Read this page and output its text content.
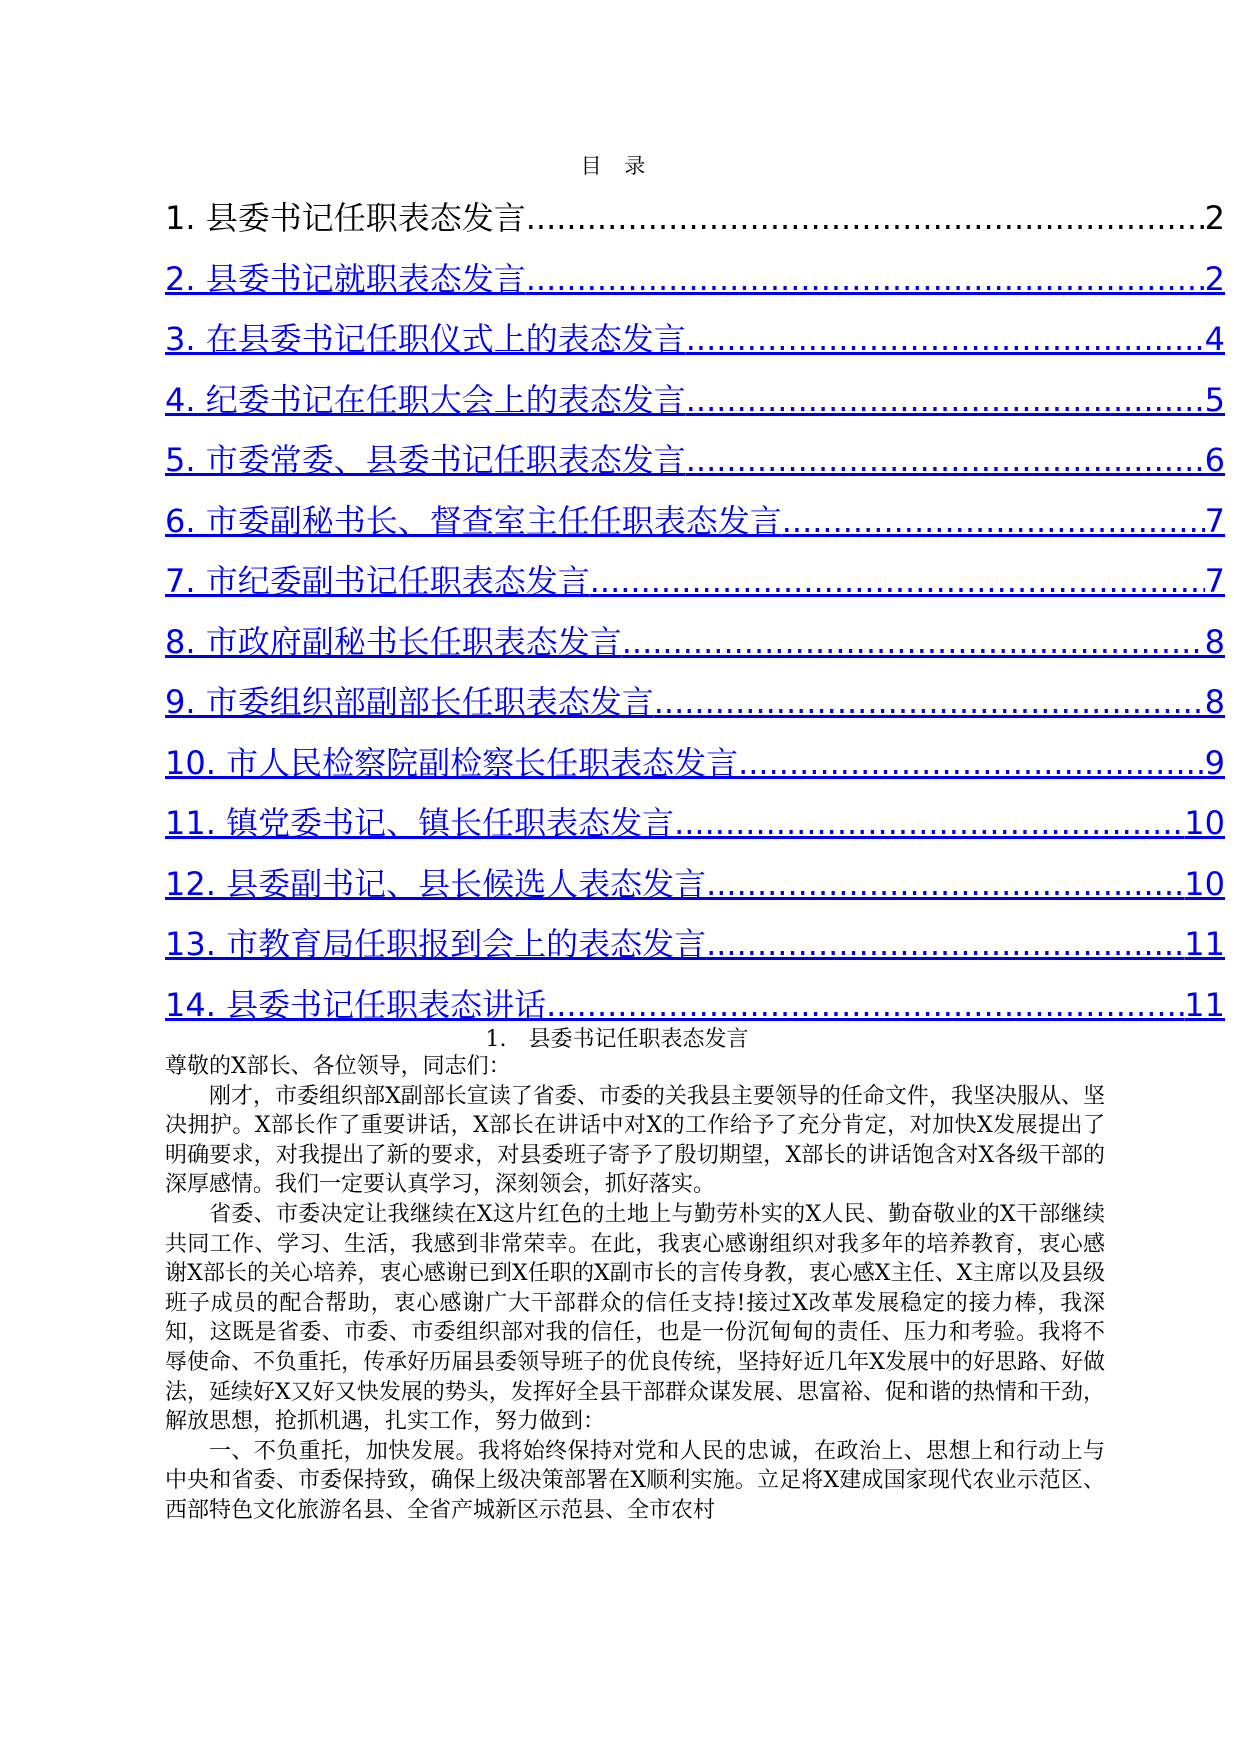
目 录
1. 县委书记任职表态发言 .....	2
2. 县委书记就职表态发言 .....	2
3. 在县委书记任职仪式上的表态发言 .....	4
4. 纪委书记在任职大会上的表态发言 .....	5
5. 市委常委、县委书记任职表态发言 .....	6
6. 市委副秘书长、督查室主任任职表态发言 .....	7
7. 市纪委副书记任职表态发言 .....	7
8. 市政府副秘书长任职表态发言 .....	8
9. 市委组织部副部长任职表态发言 .....	8
10. 市人民检察院副检察长任职表态发言 .....	9
11. 镇党委书记、镇长任职表态发言 .....	10
12. 县委副书记、县长候选人表态发言 .....	10
13. 市教育局任职报到会上的表态发言 .....	11
14. 县委书记任职表态讲话 .....	11
1. 县委书记任职表态发言

尊敬的X部长、各位领导，同志们：

刚才，市委组织部X副部长宣读了省委、市委的关我县主要领导的任命文件，我坚决服从、坚决拥护。X部长作了重要讲话，X部长在讲话中对X的工作给予了充分肯定，对加快X发展提出了明确要求，对我提出了新的要求，对县委班子寄予了殷切期望，X部长的讲话饱含对X各级干部的深厚感情。我们一定要认真学习，深刻领会，抓好落实。

省委、市委决定让我继续在X这片红色的土地上与勤劳朴实的X人民、勤奋敬业的X干部继续共同工作、学习、生活，我感到非常荣幸。在此，我衷心感谢组织对我多年的培养教育，衷心感谢X部长的关心培养，衷心感谢已到X任职的X副市长的言传身教，衷心感X主任、X主席以及县级班子成员的配合帮助，衷心感谢广大干部群众的信任支持!接过X改革发展稳定的接力棒，我深知，这既是省委、市委、市委组织部对我的信任，也是一份沉甸甸的责任、压力和考验。我将不辱使命、不负重托，传承好历届县委领导班子的优良传统，坚持好近几年X发展中的好思路、好做法，延续好X又好又快发展的势头，发挥好全县干部群众谋发展、思富裕、促和谐的热情和干劲，解放思想，抢抓机遇，扎实工作，努力做到：

一、不负重托，加快发展。我将始终保持对党和人民的忠诚，在政治上、思想上和行动上与中央和省委、市委保持致，确保上级决策部署在X顺利实施。立足将X建成国家现代农业示范区、西部特色文化旅游名县、全省产城新区示范县、全市农村
